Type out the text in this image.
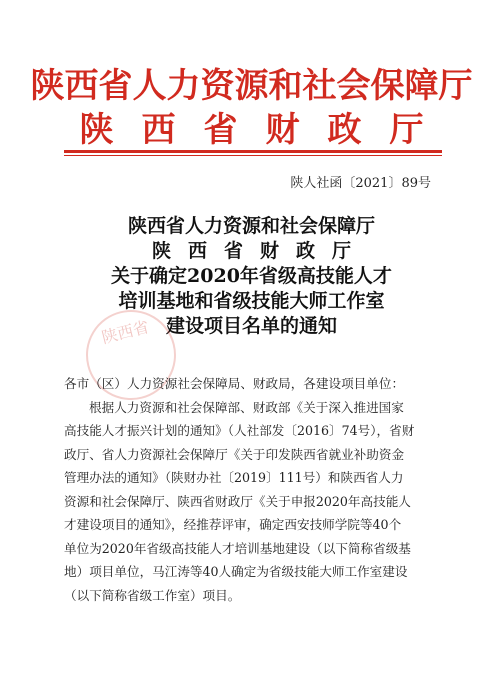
陕西省人力资源和社会保障厅
陕西省财政厅
陕人社函〔2021〕89号
陕西省人力资源和社会保障厅
陕西省财政厅
关于确定2020年省级高技能人才
培训基地和省级技能大师工作室
建设项目名单的通知
陕西省

各市（区）人力资源社会保障局、财政局，各建设项目单位：

根据人力资源和社会保障部、财政部《关于深入推进国家
高技能人才振兴计划的通知》（人社部发〔2016〕74号），省财
政厅、省人力资源社会保障厅《关于印发陕西省就业补助资金
管理办法的通知》（陕财办社〔2019〕111号）和陕西省人力
资源和社会保障厅、陕西省财政厅《关于申报2020年高技能人
才建设项目的通知》，经推荐评审，确定西安技师学院等40个
单位为2020年省级高技能人才培训基地建设（以下简称省级基
地）项目单位，马江涛等40人确定为省级技能大师工作室建设
（以下简称省级工作室）项目。
